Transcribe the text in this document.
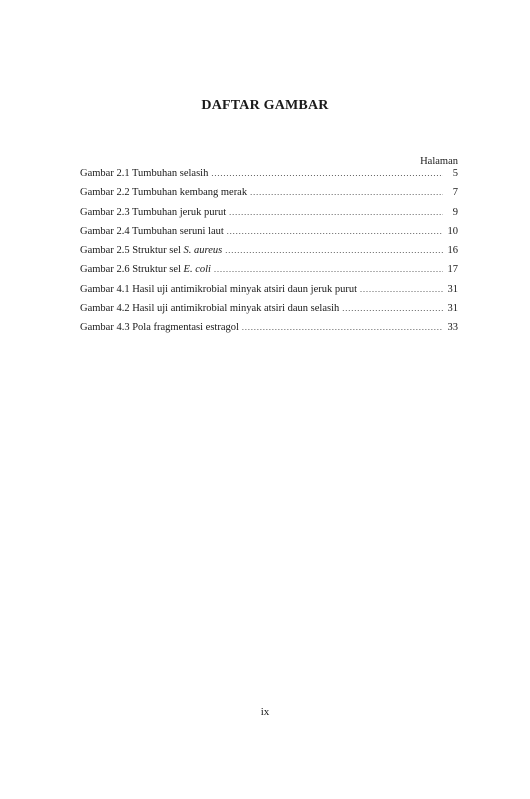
DAFTAR GAMBAR
Halaman
Gambar 2.1 Tumbuhan selasih .....	5
Gambar 2.2 Tumbuhan kembang merak .....	7
Gambar 2.3 Tumbuhan jeruk purut .....	9
Gambar 2.4 Tumbuhan seruni laut .....	10
Gambar 2.5 Struktur sel S. aureus .....	16
Gambar 2.6 Struktur sel E. coli .....	17
Gambar 4.1 Hasil uji antimikrobial minyak atsiri daun jeruk purut .....	31
Gambar 4.2 Hasil uji antimikrobial minyak atsiri daun selasih .....	31
Gambar 4.3 Pola fragmentasi estragol .....	33
ix
